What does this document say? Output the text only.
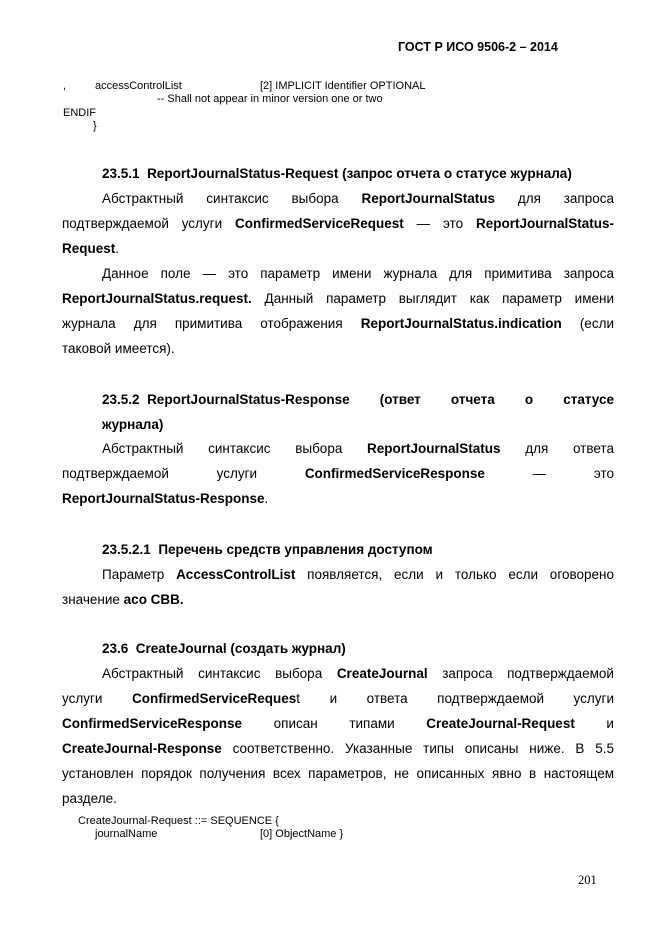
ГОСТ Р ИСО 9506-2 – 2014
,	accessControlList	[2] IMPLICIT Identifier OPTIONAL
-- Shall not appear in minor version one or two
ENDIF
}
23.5.1 ReportJournalStatus-Request (запрос отчета о статусе журнала)

Абстрактный синтаксис выбора ReportJournalStatus для запроса

подтверждаемой услуги ConfirmedServiceRequest — это ReportJournalStatus-

Request.

Данное поле — это параметр имени журнала для примитива запроса

ReportJournalStatus.request. Данный параметр выглядит как параметр имени

журнала для примитива отображения ReportJournalStatus.indication (если

таковой имеется).

23.5.2 ReportJournalStatus-Response (ответ отчета о статусе
журнала)

Абстрактный синтаксис выбора ReportJournalStatus для ответа

подтверждаемой услуги	ConfirmedServiceResponse	— это

ReportJournalStatus-Response.

23.5.2.1 Перечень средств управления доступом

Параметр AccessControlList появляется, если и только если оговорено

значение aco CBB.

23.6 CreateJournal (создать журнал)

Абстрактный синтаксис выбора CreateJournal запроса подтверждаемой

услуги ConfirmedServiceRequest и ответа подтверждаемой услуги

ConfirmedServiceResponse описан типами CreateJournal-Request и

CreateJournal-Response соответственно. Указанные типы описаны ниже. В 5.5 установлен порядок получения всех параметров, не описанных явно в настоящем разделе.

CreateJournal-Request ::= SEQUENCE {
journalName	[0] ObjectName }
201
